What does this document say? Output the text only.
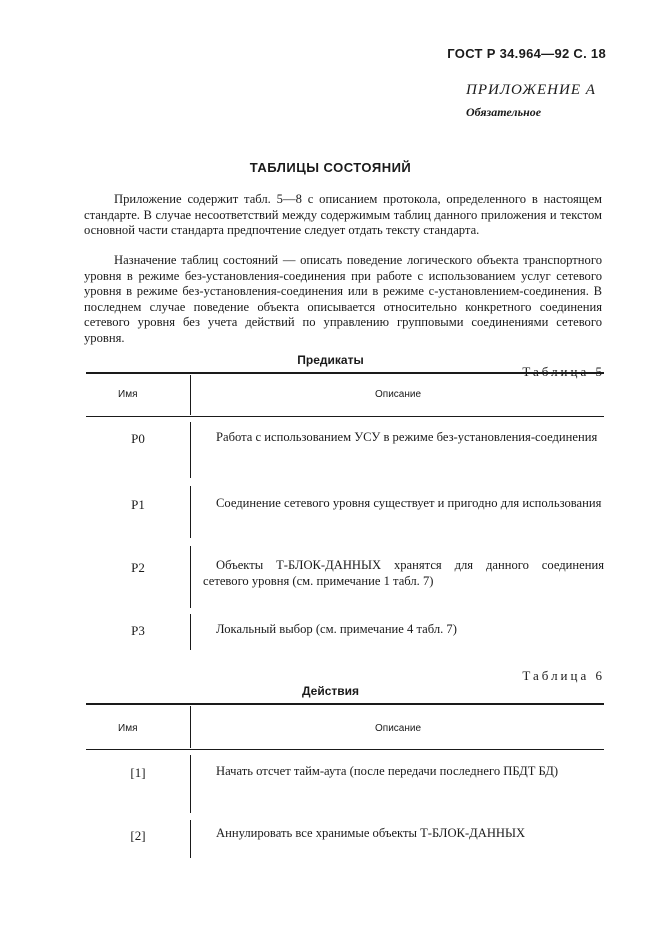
ГОСТ Р 34.964—92 С. 18
ПРИЛОЖЕНИЕ А
Обязательное
ТАБЛИЦЫ СОСТОЯНИЙ

Приложение содержит табл. 5—8 с описанием протокола, определенного в настоящем стандарте. В случае несоответствий между содержимым таблиц данного приложения и текстом основной части стандарта предпочтение следует отдать тексту стандарта.

Назначение таблиц состояний — описать поведение логического объекта транспортного уровня в режиме без-установления-соединения при работе с использованием услуг сетевого уровня в режиме без-установления-соединения или в режиме с-установлением-соединения. В последнем случае поведение объекта описывается относительно конкретного соединения сетевого уровня без учета действий по управлению групповыми соединениями сетевого уровня.

Таблица 5
Предикаты
Имя	Описание
P0	Работа с использованием УСУ в режиме без-установления-соединения

P1	Соединение сетевого уровня существует и пригодно для использования

P2	Объекты Т-БЛОК-ДАННЫХ хранятся для данного соединения сетевого уровня (см. примечание 1 табл. 7)

P3	Локальный выбор (см. примечание 4 табл. 7)

Таблица 6
Действия
Имя	Описание
[1]	Начать отсчет тайм-аута (после передачи последнего ПБДТ БД)

[2]	Аннулировать все хранимые объекты Т-БЛОК-ДАННЫХ
